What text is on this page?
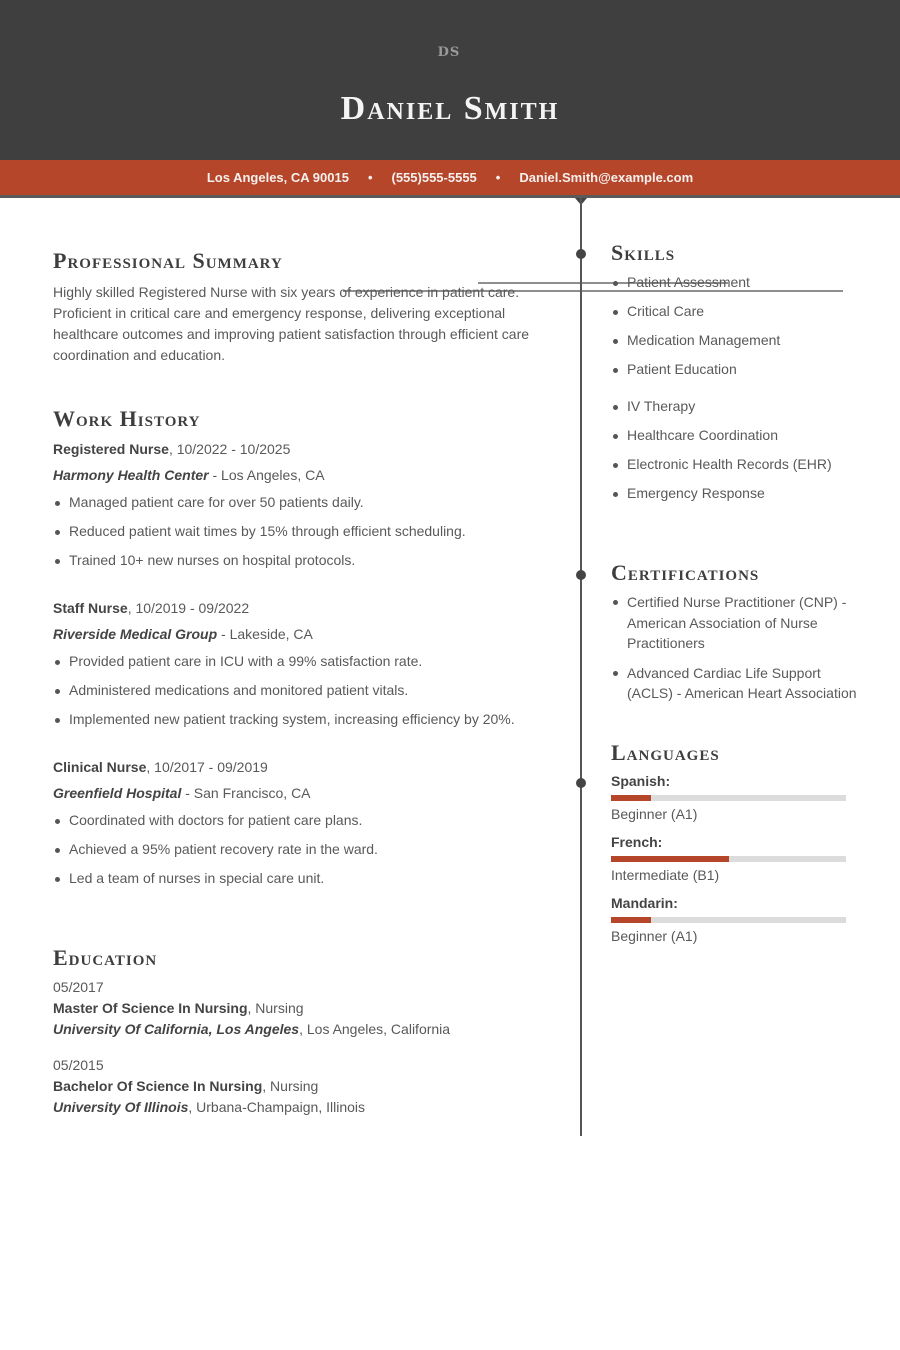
DS
Daniel Smith
Los Angeles, CA 90015 • (555)555-5555 • Daniel.Smith@example.com
Professional Summary

Highly skilled Registered Nurse with six years of experience in patient care. Proficient in critical care and emergency response, delivering exceptional healthcare outcomes and improving patient satisfaction through efficient care coordination and education.

Work History
Registered Nurse, 10/2022 - 10/2025
Harmony Health Center - Los Angeles, CA
Managed patient care for over 50 patients daily.
Reduced patient wait times by 15% through efficient scheduling.
Trained 10+ new nurses on hospital protocols.
Staff Nurse, 10/2019 - 09/2022
Riverside Medical Group - Lakeside, CA
Provided patient care in ICU with a 99% satisfaction rate.
Administered medications and monitored patient vitals.
Implemented new patient tracking system, increasing efficiency by 20%.
Clinical Nurse, 10/2017 - 09/2019
Greenfield Hospital - San Francisco, CA
Coordinated with doctors for patient care plans.
Achieved a 95% patient recovery rate in the ward.
Led a team of nurses in special care unit.
Education
05/2017
Master Of Science In Nursing, Nursing
University Of California, Los Angeles, Los Angeles, California
05/2015
Bachelor Of Science In Nursing, Nursing
University Of Illinois, Urbana-Champaign, Illinois
Skills
Patient Assessment
Critical Care
Medication Management
Patient Education
IV Therapy
Healthcare Coordination
Electronic Health Records (EHR)
Emergency Response
Certifications
Certified Nurse Practitioner (CNP) - American Association of Nurse Practitioners
Advanced Cardiac Life Support (ACLS) - American Heart Association
Languages
Spanish:
Beginner (A1)
French:
Intermediate (B1)
Mandarin:
Beginner (A1)
